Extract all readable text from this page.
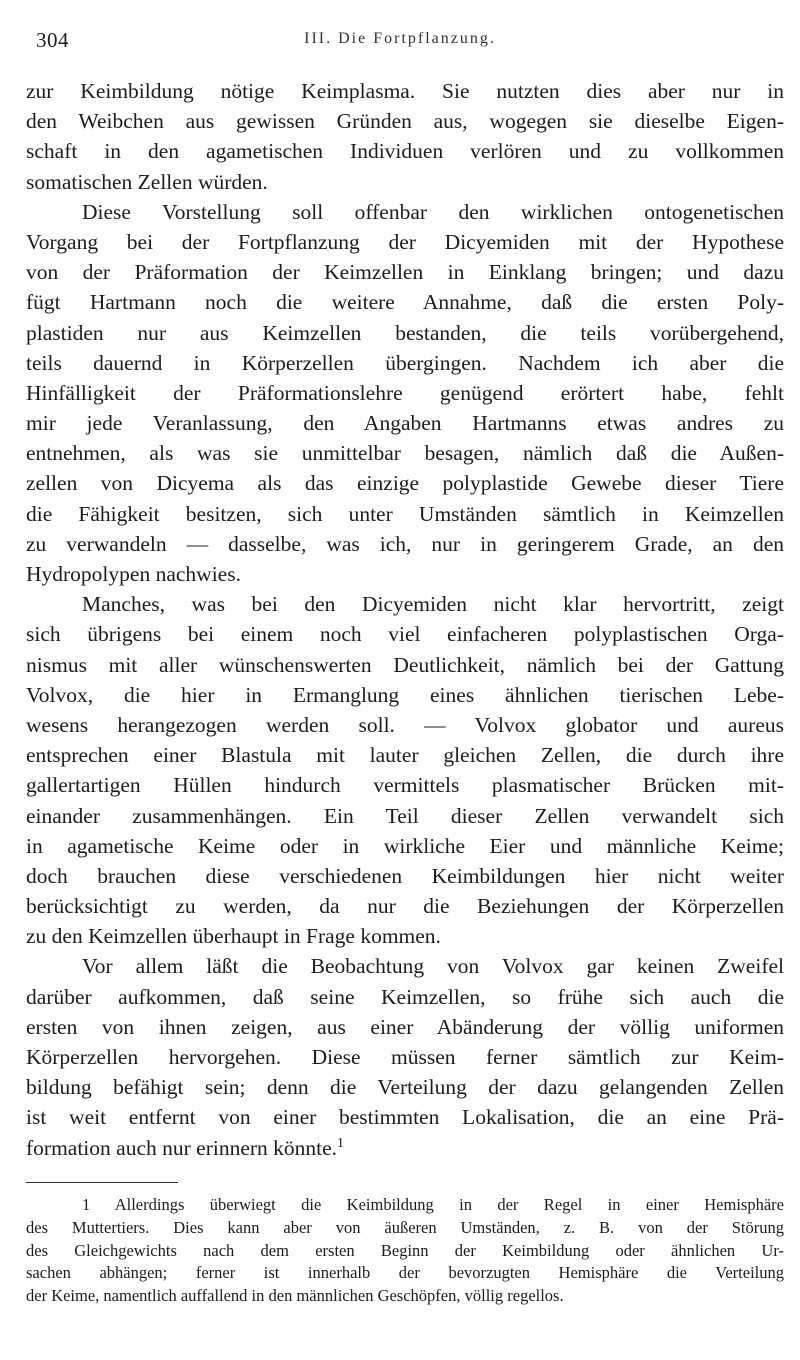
304	III. Die Fortpflanzung.
zur Keimbildung nötige Keimplasma. Sie nutzten dies aber nur in
den Weibchen aus gewissen Gründen aus, wogegen sie dieselbe Eigen-
schaft in den agametischen Individuen verlören und zu vollkommen
somatischen Zellen würden.
Diese Vorstellung soll offenbar den wirklichen ontogenetischen
Vorgang bei der Fortpflanzung der Dicyemiden mit der Hypothese
von der Präformation der Keimzellen in Einklang bringen; und dazu
fügt Hartmann noch die weitere Annahme, daß die ersten Poly-
plastiden nur aus Keimzellen bestanden, die teils vorübergehend,
teils dauernd in Körperzellen übergingen. Nachdem ich aber die
Hinfälligkeit der Präformationslehre genügend erörtert habe, fehlt
mir jede Veranlassung, den Angaben Hartmanns etwas andres zu
entnehmen, als was sie unmittelbar besagen, nämlich daß die Außen-
zellen von Dicyema als das einzige polyplastide Gewebe dieser Tiere
die Fähigkeit besitzen, sich unter Umständen sämtlich in Keimzellen
zu verwandeln — dasselbe, was ich, nur in geringerem Grade, an den
Hydropolypen nachwies.
Manches, was bei den Dicyemiden nicht klar hervortritt, zeigt
sich übrigens bei einem noch viel einfacheren polyplastischen Orga-
nismus mit aller wünschenswerten Deutlichkeit, nämlich bei der Gattung
Volvox, die hier in Ermanglung eines ähnlichen tierischen Lebe-
wesens herangezogen werden soll. — Volvox globator und aureus
entsprechen einer Blastula mit lauter gleichen Zellen, die durch ihre
gallertartigen Hüllen hindurch vermittels plasmatischer Brücken mit-
einander zusammenhängen. Ein Teil dieser Zellen verwandelt sich
in agametische Keime oder in wirkliche Eier und männliche Keime;
doch brauchen diese verschiedenen Keimbildungen hier nicht weiter
berücksichtigt zu werden, da nur die Beziehungen der Körperzellen
zu den Keimzellen überhaupt in Frage kommen.
Vor allem läßt die Beobachtung von Volvox gar keinen Zweifel
darüber aufkommen, daß seine Keimzellen, so frühe sich auch die
ersten von ihnen zeigen, aus einer Abänderung der völlig uniformen
Körperzellen hervorgehen. Diese müssen ferner sämtlich zur Keim-
bildung befähigt sein; denn die Verteilung der dazu gelangenden Zellen
ist weit entfernt von einer bestimmten Lokalisation, die an eine Prä-
formation auch nur erinnern könnte.$^1$
1 Allerdings überwiegt die Keimbildung in der Regel in einer Hemisphäre
des Muttertiers. Dies kann aber von äußeren Umständen, z. B. von der Störung
des Gleichgewichts nach dem ersten Beginn der Keimbildung oder ähnlichen Ur-
sachen abhängen; ferner ist innerhalb der bevorzugten Hemisphäre die Verteilung
der Keime, namentlich auffallend in den männlichen Geschöpfen, völlig regellos.
